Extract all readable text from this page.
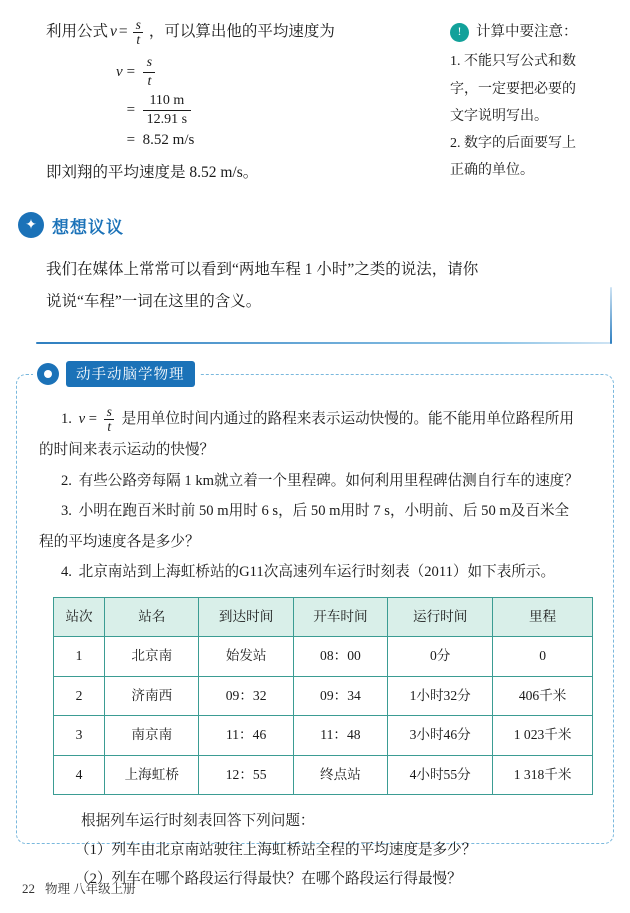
利用公式 $v = \frac{s}{t}$ ，可以算出他的平均速度为
$v = \frac{s}{t}$
= $\frac{110 m}{12.91 s}$
= 8.52 m/s
即刘翔的平均速度是 8.52 m/s。
!	计算中要注意：
1. 不能只写公式和数
字，一定要把必要的
文字说明写出。
2. 数字的后面要写上
正确的单位。
✦ 想想议议
我们在媒体上常常可以看到“两地车程 1 小时”之类的说法，请你
说说“车程”一词在这里的含义。
动手动脑学物理
1. $v = \frac{s}{t}$ 是用单位时间内通过的路程来表示运动快慢的。能不能用单位路程所用
的时间来表示运动的快慢？
2. 有些公路旁每隔 1 km就立着一个里程碑。如何利用里程碑估测自行车的速度？
3. 小明在跑百米时前 50 m用时 6 s，后 50 m用时 7 s，小明前、后 50 m及百米全
程的平均速度各是多少？
4. 北京南站到上海虹桥站的G11次高速列车运行时刻表（2011）如下表所示。
站次	站名	到达时间	开车时间	运行时间	里程
1	北京南	始发站	08：00	0分	0
2	济南西	09：32	09：34	1小时32分	406千米
3	南京南	11：46	11：48	3小时46分	1 023千米
4	上海虹桥	12：55	终点站	4小时55分	1 318千米
根据列车运行时刻表回答下列问题：
（1）列车由北京南站驶往上海虹桥站全程的平均速度是多少？
（2）列车在哪个路段运行得最快？在哪个路段运行得最慢？
22 物理 八年级上册
